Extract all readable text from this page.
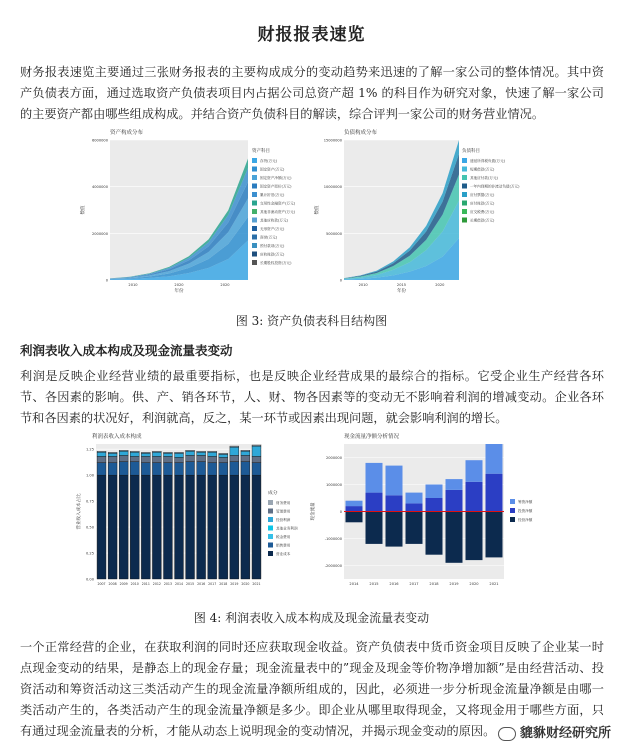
财报报表速览

财务报表速览主要通过三张财务报表的主要构成成分的变动趋势来迅速的了解一家公司的整体情况。其中资产负债表方面，通过选取资产负债表项目内占据公司总资产超 1% 的科目作为研究对象，快速了解一家公司的主要资产都由哪些组成构成。并结合资产负债科目的解读，综合评判一家公司的财务营业情况。

资产构成分布
6000000
4000000
2000000
0
2010	2020	2020
年份
数值
资产科目
存货(万元)
固定资产(万元)
固定资产净额(万元)
固定资产原价(万元)
累计折旧(万元)
交易性金融资产(万元)
其他非流动资产(万元)
其他应收款(万元)
无形资产(万元)
商誉(万元)
预付款项(万元)
应收账款(万元)
长期股权投资(万元)
负债构成分布
15000000
10000000
5000000
0
2010	2015	2020
年份
数值
负债科目
递延所得税负债(万元)
短期借款(万元)
其他应付款(万元)
一年内到期的非流动负债(万元)
应付票据(万元)
应付账款(万元)
应交税费(万元)
长期借款(万元)
图 3: 资产负债表科目结构图
利润表收入成本构成及现金流量表变动

利润是反映企业经营业绩的最重要指标，也是反映企业经营成果的最综合的指标。它受企业生产经营各环节、各因素的影响。供、产、销各环节，人、财、物各因素等的变动无不影响着利润的增减变动。企业各环节和各因素的状况好，利润就高，反之，某一环节或因素出现问题，就会影响利润的增长。

利润表收入成本构成
1.25
1.00
0.75
0.50
0.25
0.00
营业收入成本占比
2007 2008 2009 2010 2011 2012 2013 2014 2015 2016 2017 2018 2019 2020 2021
成分
财务费用
管理费用
经营利润
其他业务利润
税金费用
销售费用
营业成本
现金流量净额分析情况
2000000
1000000
0
-1000000
-2000000
现金流量
2014	2015	2016	2017	2018	2019	2020	2021
筹资净额
投资净额
经营净额
图 4: 利润表收入成本构成及现金流量表变动

一个正常经营的企业，在获取利润的同时还应获取现金收益。资产负债表中货币资金项目反映了企业某一时点现金变动的结果，是静态上的现金存量；现金流量表中的”现金及现金等价物净增加额”是由经营活动、投资活动和筹资活动这三类活动产生的现金流量净额所组成的，因此，必须进一步分析现金流量净额是由哪一类活动产生的，各类活动产生的现金流量净额是多少。即企业从哪里取得现金，又将现金用于哪些方面，只有通过现金流量表的分析，才能从动态上说明现金的变动情况，并揭示现金变动的原因。	貔貅财经研究所
